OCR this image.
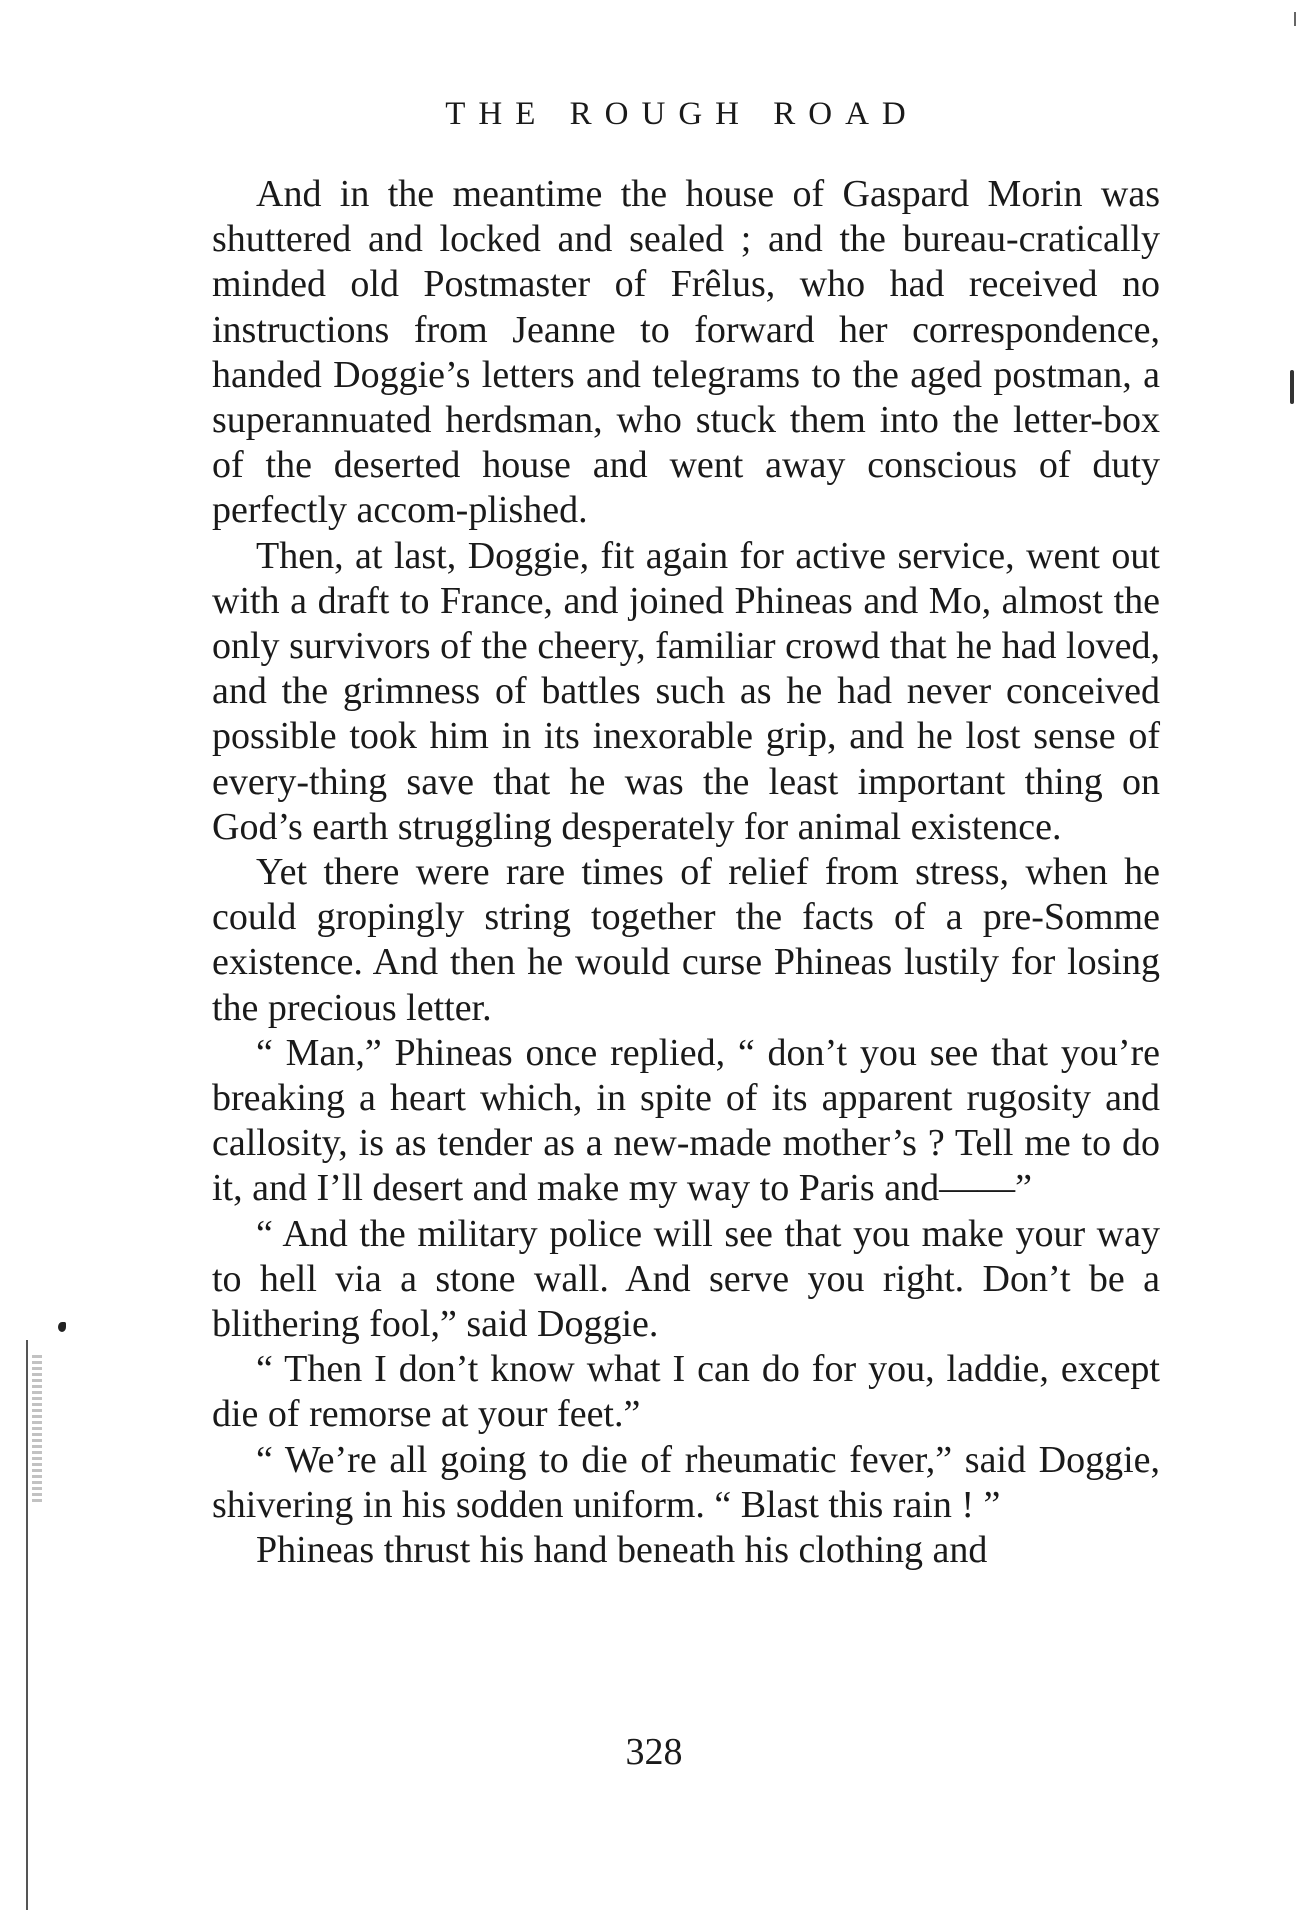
THE ROUGH ROAD

And in the meantime the house of Gaspard Morin was shuttered and locked and sealed ; and the bureau-cratically minded old Postmaster of Frêlus, who had received no instructions from Jeanne to forward her correspondence, handed Doggie’s letters and telegrams to the aged postman, a superannuated herdsman, who stuck them into the letter-box of the deserted house and went away conscious of duty perfectly accom-plished.

Then, at last, Doggie, fit again for active service, went out with a draft to France, and joined Phineas and Mo, almost the only survivors of the cheery, familiar crowd that he had loved, and the grimness of battles such as he had never conceived possible took him in its inexorable grip, and he lost sense of every-thing save that he was the least important thing on God’s earth struggling desperately for animal existence.

Yet there were rare times of relief from stress, when he could gropingly string together the facts of a pre-Somme existence. And then he would curse Phineas lustily for losing the precious letter.

“ Man,” Phineas once replied, “ don’t you see that you’re breaking a heart which, in spite of its apparent rugosity and callosity, is as tender as a new-made mother’s ? Tell me to do it, and I’ll desert and make my way to Paris and——”

“ And the military police will see that you make your way to hell via a stone wall. And serve you right. Don’t be a blithering fool,” said Doggie.

“ Then I don’t know what I can do for you, laddie, except die of remorse at your feet.”

“ We’re all going to die of rheumatic fever,” said Doggie, shivering in his sodden uniform. “ Blast this rain ! ”

Phineas thrust his hand beneath his clothing and

328
